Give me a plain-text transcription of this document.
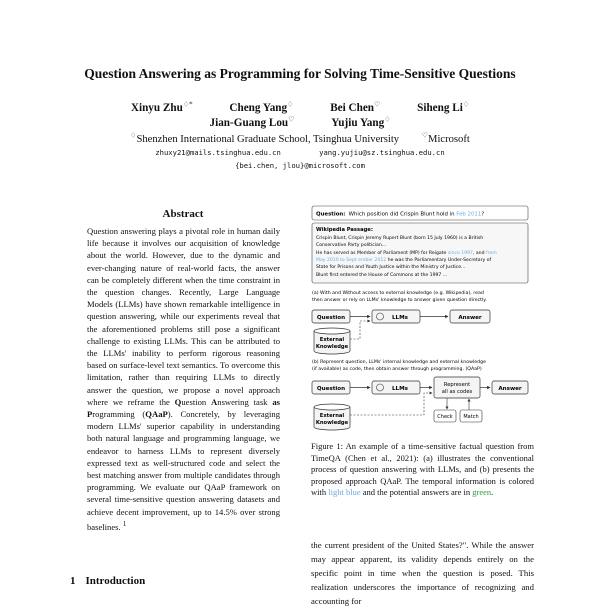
Question Answering as Programming for Solving Time-Sensitive Questions
Xinyu Zhu♢*	Cheng Yang♢	Bei Chen♡	Siheng Li♢
Jian-Guang Lou♡	Yujiu Yang♢
♢Shenzhen International Graduate School, Tsinghua University	♡Microsoft
zhuxy21@mails.tsinghua.edu.cn	yang.yujiu@sz.tsinghua.edu.cn
{bei.chen, jlou}@microsoft.com
Abstract
Question answering plays a pivotal role in human daily life because it involves our acquisition of knowledge about the world. However, due to the dynamic and ever-changing nature of real-world facts, the answer can be completely different when the time constraint in the question changes. Recently, Large Language Models (LLMs) have shown remarkable intelligence in question answering, while our experiments reveal that the aforementioned problems still pose a significant challenge to existing LLMs. This can be attributed to the LLMs' inability to perform rigorous reasoning based on surface-level text semantics. To overcome this limitation, rather than requiring LLMs to directly answer the question, we propose a novel approach where we reframe the Question Answering task as Programming (QAaP). Concretely, by leveraging modern LLMs' superior capability in understanding both natural language and programming language, we endeavor to harness LLMs to represent diversely expressed text as well-structured code and select the best matching answer from multiple candidates through programming. We evaluate our QAaP framework on several time-sensitive question answering datasets and achieve decent improvement, up to 14.5% over strong baselines. $^1$
1 Introduction
Question: Which position did Crispin Blunt hold in Feb 2011?
Wikipedia Passage:
Crispin Blunt, Crispin Jeremy Rupert Blunt (born 15 July 1960) is a British
Conservative Party politician...
He has served as Member of Parliament (MP) for Reigate since 1997, and from
May 2010 to Sept ember 2012 he was the Parliamentary Under-Secretary of
State for Prisons and Youth Justice within the Ministry of Justice...
Blunt first entered the House of Commons at the 1997 ...
(a) With and Without access to external knowledge (e.g. Wikipedia), read
then answer or rely on LLMs' knowledge to answer given question directly.
Question	LLMs	Answer
External
Knowledge
(b) Represent question, LLMs' internal knowledge and external knowledge
(if available) as code, then obtain answer through programming. (QAaP)
Question	LLMs
Represent
all as codes	Answer
Check Match
External
Knowledge
Figure 1: An example of a time-sensitive factual question from TimeQA (Chen et al., 2021): (a) illustrates the conventional process of question answering with LLMs, and (b) presents the proposed approach QAaP. The temporal information is colored with light blue and the potential answers are in green.
the current president of the United States?". While the answer may appear apparent, its validity depends entirely on the specific point in time when the question is posed. This realization underscores the importance of recognizing and accounting for
